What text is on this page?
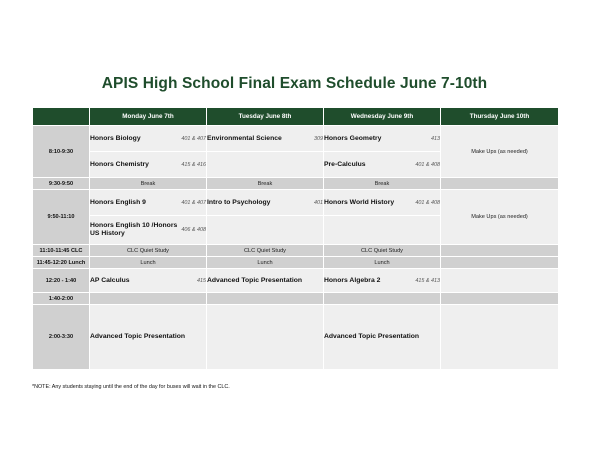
APIS High School Final Exam Schedule June 7-10th
	Monday June 7th	Tuesday June 8th	Wednesday June 9th	Thursday June 10th
8:10-9:30	Honors Biology 401 & 407	Environmental Science 309	Honors Geometry 413	Make Ups (as needed)

	Honors Chemistry 415 & 416		Pre-Calculus 401 & 408	

9:30-9:50	Break	Break	Break	
9:50-11:10	Honors English 9 401 & 407	Intro to Psychology 401	Honors World History 401 & 408	Make Ups (as needed)

	Honors English 10 /Honors US History 406 & 408			

11:10-11:45 CLC	CLC Quiet Study	CLC Quiet Study	CLC Quiet Study	
11:45-12:20 Lunch	Lunch	Lunch	Lunch	
12:20 - 1:40	AP Calculus 415	Advanced Topic Presentation	Honors Algebra 2 415 & 413	

1:40-2:00				
2:00-3:30	Advanced Topic Presentation		Advanced Topic Presentation	

*NOTE: Any students staying until the end of the day for buses will wait in the CLC.
